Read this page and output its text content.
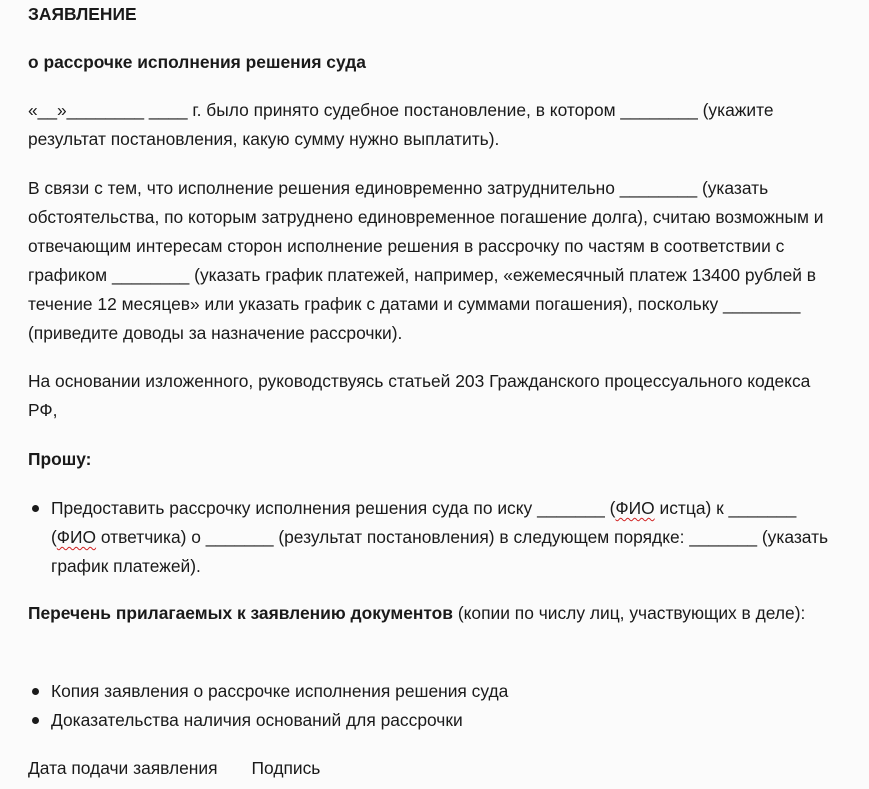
ЗАЯВЛЕНИЕ
о рассрочке исполнения решения суда
«__»________ ____ г. было принято судебное постановление, в котором ________ (укажите результат постановления, какую сумму нужно выплатить).
В связи с тем, что исполнение решения единовременно затруднительно ________ (указать обстоятельства, по которым затруднено единовременное погашение долга), считаю возможным и отвечающим интересам сторон исполнение решения в рассрочку по частям в соответствии с графиком ________ (указать график платежей, например, «ежемесячный платеж 13400 рублей в течение 12 месяцев» или указать график с датами и суммами погашения), поскольку ________ (приведите доводы за назначение рассрочки).
На основании изложенного, руководствуясь статьей 203 Гражданского процессуального кодекса РФ,
Прошу:
Предоставить рассрочку исполнения решения суда по иску _______ (ФИО истца) к _______ (ФИО ответчика) о _______ (результат постановления) в следующем порядке: _______ (указать график платежей).
Перечень прилагаемых к заявлению документов (копии по числу лиц, участвующих в деле):
Копия заявления о рассрочке исполнения решения суда
Доказательства наличия оснований для рассрочки
Дата подачи заявления Подпись
